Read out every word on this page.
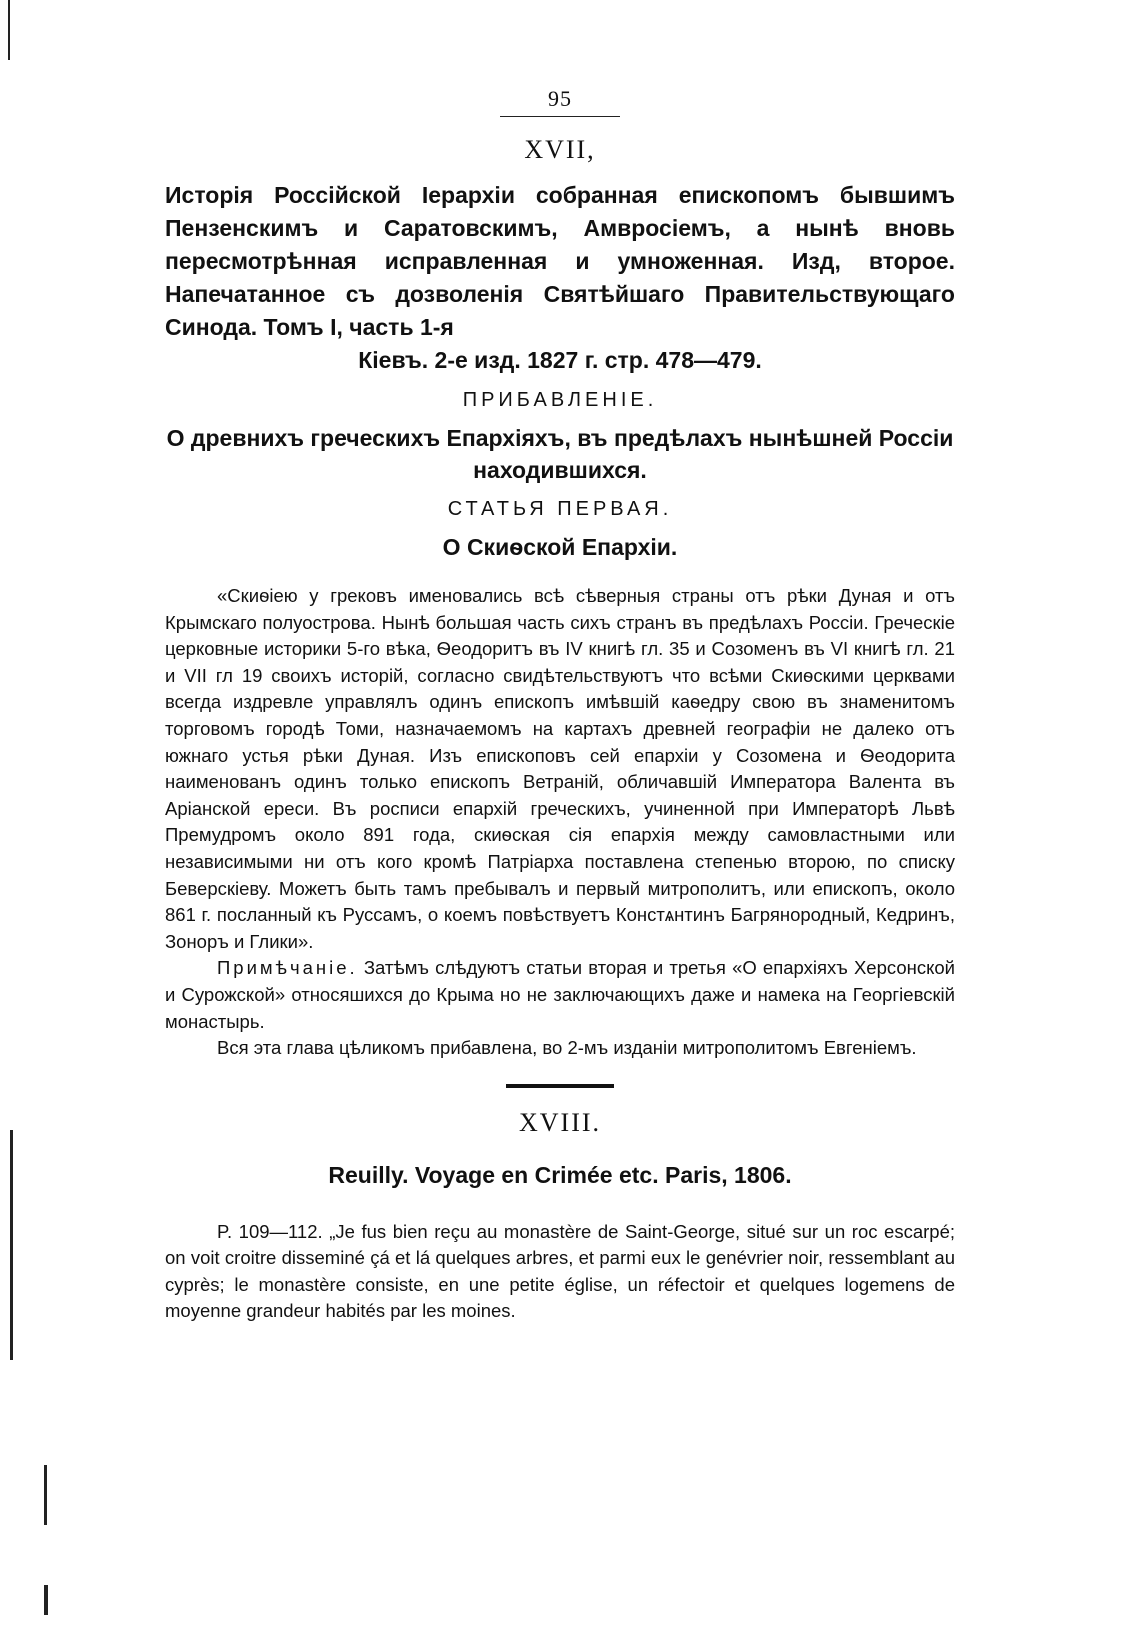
95
XVII,
Исторія Россійской Іерархіи собранная епископомъ бывшимъ Пензенскимъ и Саратовскимъ, Амвросіемъ, а нынѣ вновь пересмотрѣнная исправленная и умноженная. Изд, второе. Напечатанное съ дозволенія Святѣйшаго Правительствующаго Синода. Томъ I, часть 1-я
Кіевъ. 2-е изд. 1827 г. стр. 478—479.
ПРИБАВЛЕНІЕ.
О древнихъ греческихъ Епархіяхъ, въ предѣлахъ нынѣшней Россіи находившихся.
СТАТЬЯ ПЕРВАЯ.
О Скиѳской Епархіи.

«Скиѳіею у грековъ именовались всѣ сѣверныя страны отъ рѣки Дуная и отъ Крымскаго полуострова. Нынѣ большая часть сихъ странъ въ предѣлахъ Россіи. Греческіе церковные историки 5-го вѣка, Ѳеодоритъ въ IV книгѣ гл. 35 и Созоменъ въ VI книгѣ гл. 21 и VII гл 19 своихъ исторій, согласно свидѣтельствуютъ что всѣми Скиѳскими церквами всегда издревле управлялъ одинъ епископъ имѣвшій каѳедру свою въ знаменитомъ торговомъ городѣ Томи, назначаемомъ на картахъ древней географіи не далеко отъ южнаго устья рѣки Дуная. Изъ епископовъ сей епархіи у Созомена и Ѳеодорита наименованъ одинъ только епископъ Ветраній, обличавшій Императора Валента въ Аріанской ереси. Въ росписи епархій греческихъ, учиненной при Императорѣ Львѣ Премудромъ около 891 года, скиѳская сія епархія между самовластными или независимыми ни отъ кого кромѣ Патріарха поставлена степенью второю, по списку Беверскіеву. Можетъ быть тамъ пребывалъ и первый митрополитъ, или епископъ, около 861 г. посланный къ Руссамъ, о коемъ повѣствуетъ Констѧнтинъ Багрянородный, Кедринъ, Зоноръ и Глики».

Примѣчаніе. Затѣмъ слѣдуютъ статьи вторая и третья «О епархіяхъ Херсонской и Сурожской» относяшихся до Крыма но не заключающихъ даже и намека на Георгіевскій монастырь.

Вся эта глава цѣликомъ прибавлена, во 2-мъ изданіи митрополитомъ Евгеніемъ.

XVIII.
Reuilly. Voyage en Crimée etc. Paris, 1806.

P. 109—112. „Je fus bien reçu au monastère de Saint-George, situé sur un roc escarpé; on voit croitre disseminé çá et lá quelques arbres, et parmi eux le genévrier noir, ressemblant au cyprès; le monastère consiste, en une petite église, un réfectoir et quelques logemens de moyenne grandeur habités par les moines.
